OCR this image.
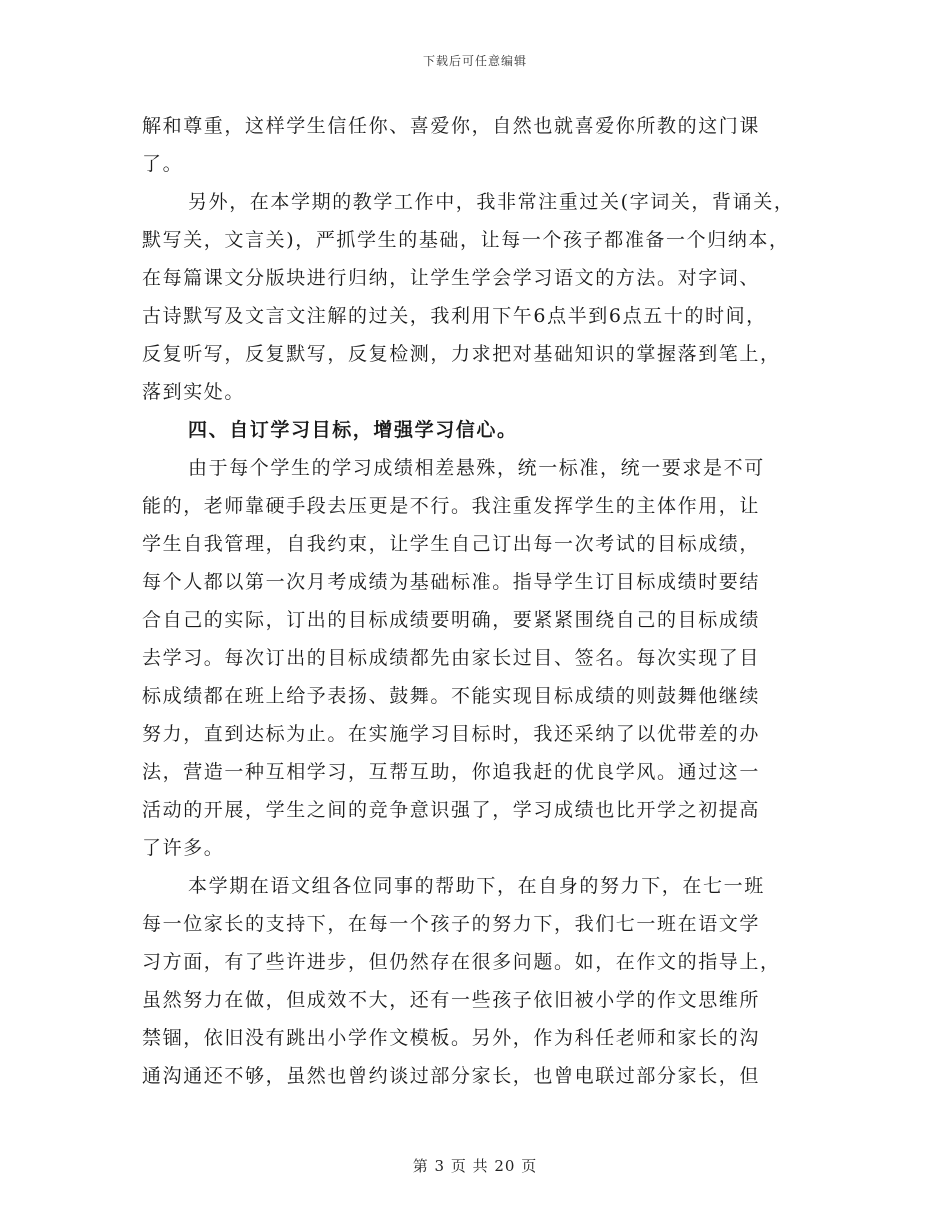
下载后可任意编辑
解和尊重，这样学生信任你、喜爱你，自然也就喜爱你所教的这门课
了。
另外，在本学期的教学工作中，我非常注重过关(字词关，背诵关，
默写关，文言关)，严抓学生的基础，让每一个孩子都准备一个归纳本，
在每篇课文分版块进行归纳，让学生学会学习语文的方法。对字词、
古诗默写及文言文注解的过关，我利用下午6点半到6点五十的时间，
反复听写，反复默写，反复检测，力求把对基础知识的掌握落到笔上，
落到实处。
四、自订学习目标，增强学习信心。
由于每个学生的学习成绩相差悬殊，统一标准，统一要求是不可
能的，老师靠硬手段去压更是不行。我注重发挥学生的主体作用，让
学生自我管理，自我约束，让学生自己订出每一次考试的目标成绩，
每个人都以第一次月考成绩为基础标准。指导学生订目标成绩时要结
合自己的实际，订出的目标成绩要明确，要紧紧围绕自己的目标成绩
去学习。每次订出的目标成绩都先由家长过目、签名。每次实现了目
标成绩都在班上给予表扬、鼓舞。不能实现目标成绩的则鼓舞他继续
努力，直到达标为止。在实施学习目标时，我还采纳了以优带差的办
法，营造一种互相学习，互帮互助，你追我赶的优良学风。通过这一
活动的开展，学生之间的竞争意识强了，学习成绩也比开学之初提高
了许多。
本学期在语文组各位同事的帮助下，在自身的努力下，在七一班
每一位家长的支持下，在每一个孩子的努力下，我们七一班在语文学
习方面，有了些许进步，但仍然存在很多问题。如，在作文的指导上，
虽然努力在做，但成效不大，还有一些孩子依旧被小学的作文思维所
禁锢，依旧没有跳出小学作文模板。另外，作为科任老师和家长的沟
通沟通还不够，虽然也曾约谈过部分家长，也曾电联过部分家长，但
第 3 页 共 20 页
